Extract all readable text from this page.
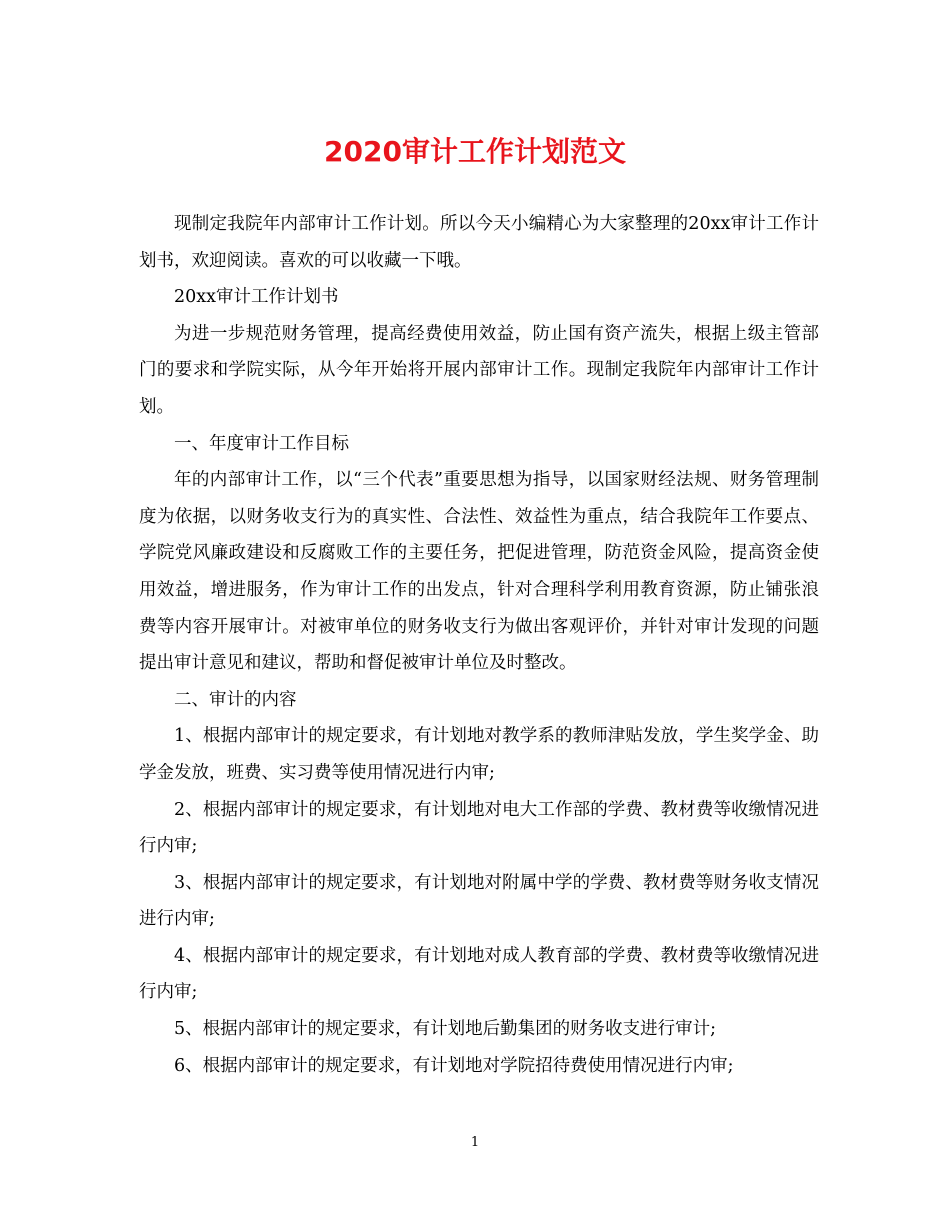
2020审计工作计划范文

现制定我院年内部审计工作计划。所以今天小编精心为大家整理的20xx审计工作计划书，欢迎阅读。喜欢的可以收藏一下哦。

20xx审计工作计划书

为进一步规范财务管理，提高经费使用效益，防止国有资产流失，根据上级主管部门的要求和学院实际，从今年开始将开展内部审计工作。现制定我院年内部审计工作计划。

一、年度审计工作目标

年的内部审计工作，以“三个代表”重要思想为指导，以国家财经法规、财务管理制度为依据，以财务收支行为的真实性、合法性、效益性为重点，结合我院年工作要点、学院党风廉政建设和反腐败工作的主要任务，把促进管理，防范资金风险，提高资金使用效益，增进服务，作为审计工作的出发点，针对合理科学利用教育资源，防止铺张浪费等内容开展审计。对被审单位的财务收支行为做出客观评价，并针对审计发现的问题提出审计意见和建议，帮助和督促被审计单位及时整改。

二、审计的内容

1、根据内部审计的规定要求，有计划地对教学系的教师津贴发放，学生奖学金、助学金发放，班费、实习费等使用情况进行内审;

2、根据内部审计的规定要求，有计划地对电大工作部的学费、教材费等收缴情况进行内审;

3、根据内部审计的规定要求，有计划地对附属中学的学费、教材费等财务收支情况进行内审;

4、根据内部审计的规定要求，有计划地对成人教育部的学费、教材费等收缴情况进行内审;

5、根据内部审计的规定要求，有计划地后勤集团的财务收支进行审计;

6、根据内部审计的规定要求，有计划地对学院招待费使用情况进行内审;

1
